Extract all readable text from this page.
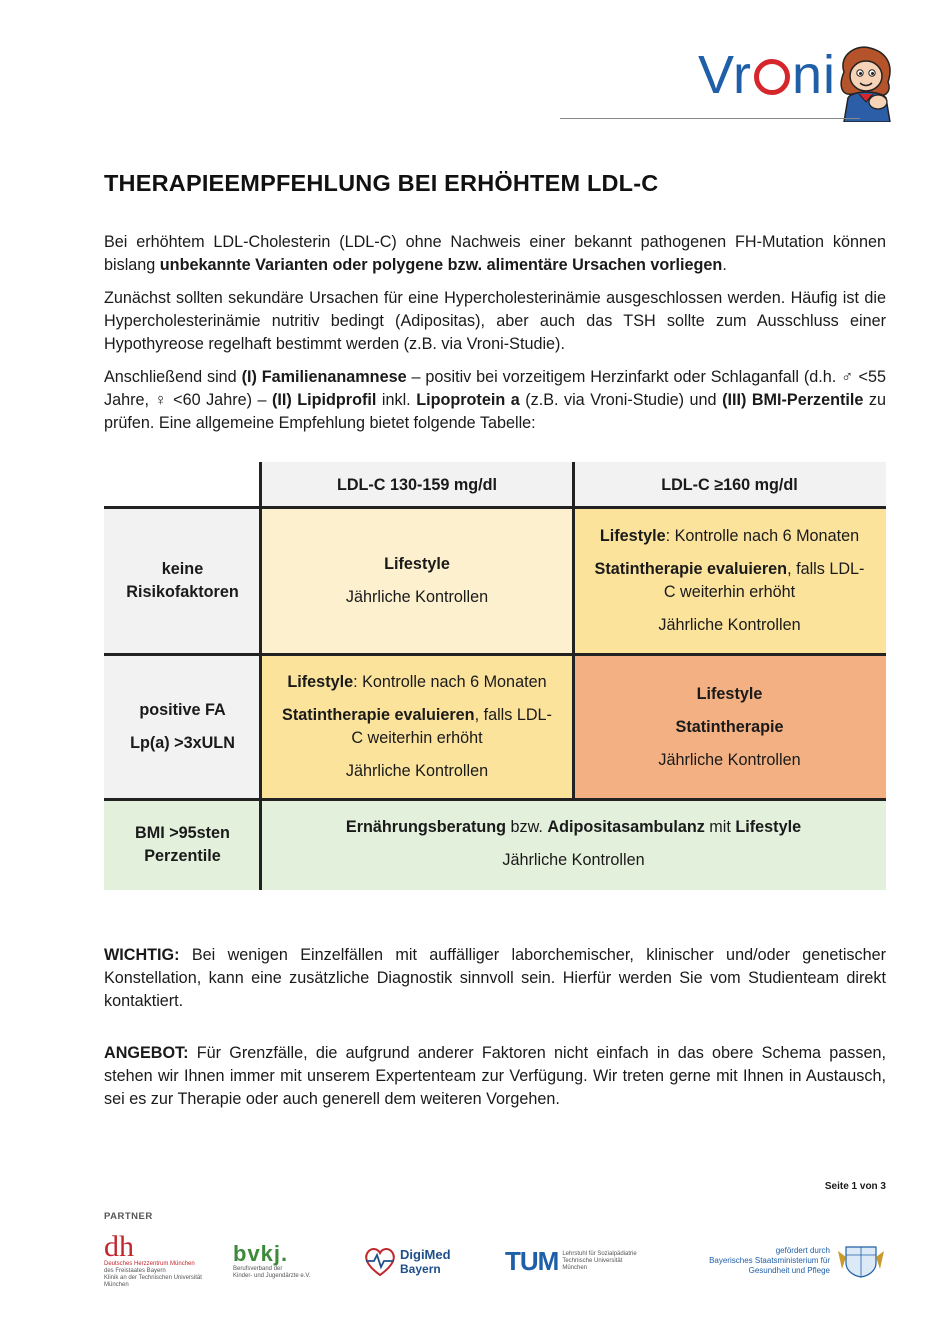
Vr ni
THERAPIEEMPFEHLUNG BEI ERHÖHTEM LDL-C

Bei erhöhtem LDL-Cholesterin (LDL-C) ohne Nachweis einer bekannt pathogenen FH-Mutation können bislang unbekannte Varianten oder polygene bzw. alimentäre Ursachen vorliegen.

Zunächst sollten sekundäre Ursachen für eine Hypercholesterinämie ausgeschlossen werden. Häufig ist die Hypercholesterinämie nutritiv bedingt (Adipositas), aber auch das TSH sollte zum Ausschluss einer Hypothyreose regelhaft bestimmt werden (z.B. via Vroni-Studie).

Anschließend sind (I) Familienanamnese – positiv bei vorzeitigem Herzinfarkt oder Schlaganfall (d.h. ♂ <55 Jahre, ♀ <60 Jahre) – (II) Lipidprofil inkl. Lipoprotein a (z.B. via Vroni-Studie) und (III) BMI-Perzentile zu prüfen. Eine allgemeine Empfehlung bietet folgende Tabelle:

LDL-C 130-159 mg/dl	LDL-C ≥160 mg/dl
keine
Risikofaktoren

Lifestyle

Jährliche Kontrollen

Lifestyle: Kontrolle nach 6 Monaten

Statintherapie evaluieren, falls LDL-C weiterhin erhöht

Jährliche Kontrollen

positive FA

Lp(a) >3xULN

Lifestyle: Kontrolle nach 6 Monaten

Statintherapie evaluieren, falls LDL-C weiterhin erhöht

Jährliche Kontrollen

Lifestyle

Statintherapie

Jährliche Kontrollen

BMI >95sten
Perzentile

Ernährungsberatung bzw. Adipositasambulanz mit Lifestyle

Jährliche Kontrollen

WICHTIG: Bei wenigen Einzelfällen mit auffälliger laborchemischer, klinischer und/oder genetischer Konstellation, kann eine zusätzliche Diagnostik sinnvoll sein. Hierfür werden Sie vom Studienteam direkt kontaktiert.

ANGEBOT: Für Grenzfälle, die aufgrund anderer Faktoren nicht einfach in das obere Schema passen, stehen wir Ihnen immer mit unserem Expertenteam zur Verfügung. Wir treten gerne mit Ihnen in Austausch, sei es zur Therapie oder auch generell dem weiteren Vorgehen.

Seite 1 von 3
PARTNER
dh
Deutsches Herzzentrum München
des Freistaates Bayern
Klinik an der Technischen Universität München
bvkj.
Berufsverband der
Kinder- und Jugendärzte e.V.
DigiMed
Bayern	TUM Lehrstuhl für Sozialpädiatrie
Technische Universität München
gefördert durch
Bayerisches Staatsministerium für
Gesundheit und Pflege
